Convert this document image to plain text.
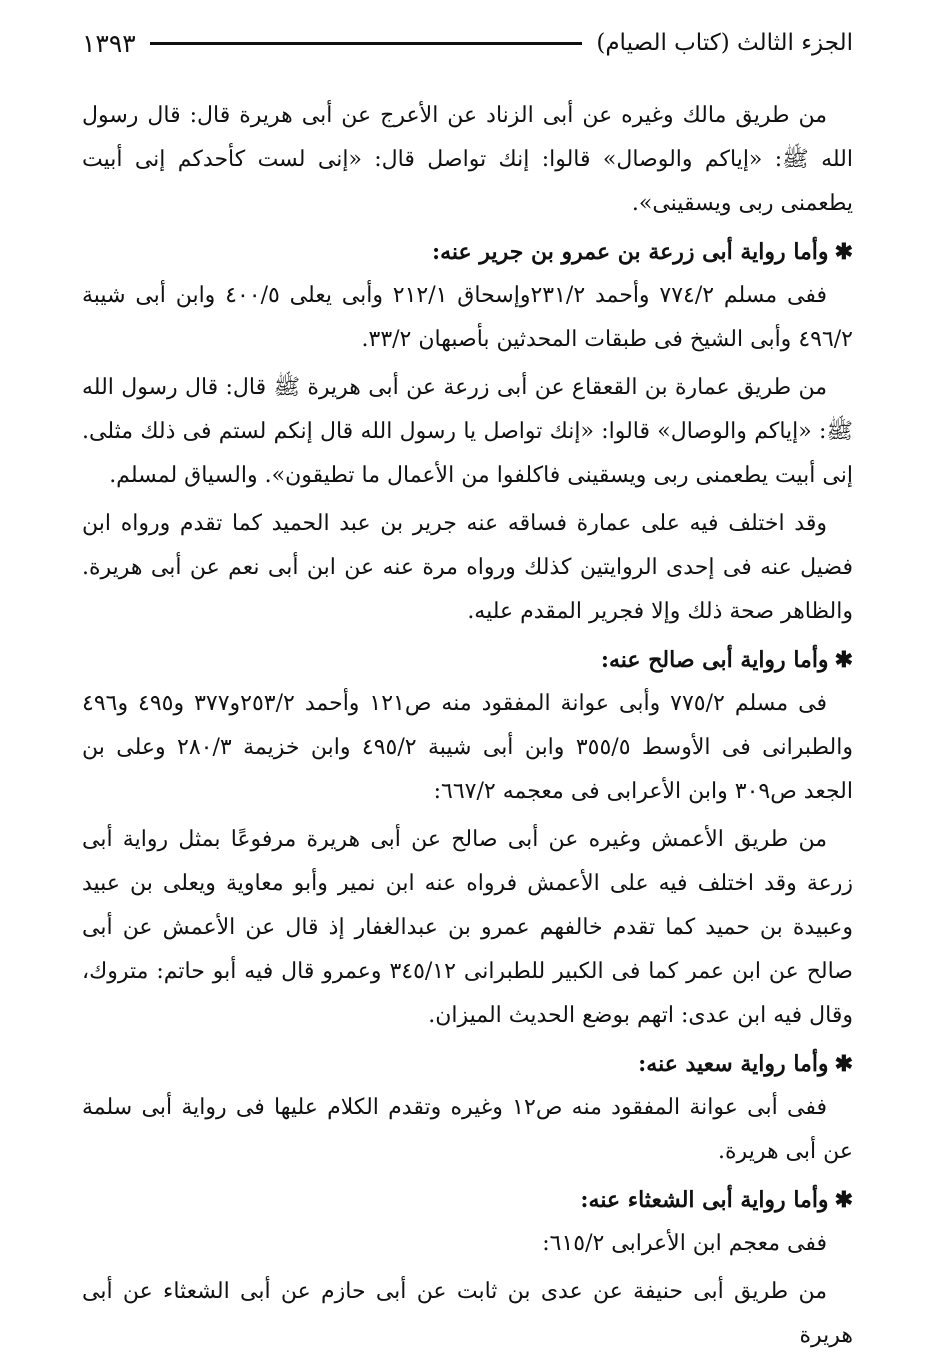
الجزء الثالث (كتاب الصيام)
١٣٩٣

من طريق مالك وغيره عن أبى الزناد عن الأعرج عن أبى هريرة قال: قال رسول الله ﷺ: «إياكم والوصال» قالوا: إنك تواصل قال: «إنى لست كأحدكم إنى أبيت يطعمنى ربى ويسقينى».

✱وأما رواية أبى زرعة بن عمرو بن جرير عنه:

ففى مسلم ٧٧٤/٢ وأحمد ٢٣١/٢وإسحاق ٢١٢/١ وأبى يعلى ٤٠٠/٥ وابن أبى شيبة ٤٩٦/٢ وأبى الشيخ فى طبقات المحدثين بأصبهان ٣٣/٢.

من طريق عمارة بن القعقاع عن أبى زرعة عن أبى هريرة ﷺ قال: قال رسول الله ﷺ: «إياكم والوصال» قالوا: «إنك تواصل يا رسول الله قال إنكم لستم فى ذلك مثلى. إنى أبيت يطعمنى ربى ويسقينى فاكلفوا من الأعمال ما تطيقون». والسياق لمسلم.

وقد اختلف فيه على عمارة فساقه عنه جرير بن عبد الحميد كما تقدم ورواه ابن فضيل عنه فى إحدى الروايتين كذلك ورواه مرة عنه عن ابن أبى نعم عن أبى هريرة. والظاهر صحة ذلك وإلا فجرير المقدم عليه.

✱وأما رواية أبى صالح عنه:

فى مسلم ٧٧٥/٢ وأبى عوانة المفقود منه ص١٢١ وأحمد ٢٥٣/٢و٣٧٧ و٤٩٥ و٤٩٦ والطبرانى فى الأوسط ٣٥٥/٥ وابن أبى شيبة ٤٩٥/٢ وابن خزيمة ٢٨٠/٣ وعلى بن الجعد ص٣٠٩ وابن الأعرابى فى معجمه ٦٦٧/٢:

من طريق الأعمش وغيره عن أبى صالح عن أبى هريرة مرفوعًا بمثل رواية أبى زرعة وقد اختلف فيه على الأعمش فرواه عنه ابن نمير وأبو معاوية ويعلى بن عبيد وعبيدة بن حميد كما تقدم خالفهم عمرو بن عبدالغفار إذ قال عن الأعمش عن أبى صالح عن ابن عمر كما فى الكبير للطبرانى ٣٤٥/١٢ وعمرو قال فيه أبو حاتم: متروك، وقال فيه ابن عدى: اتهم بوضع الحديث الميزان.

✱وأما رواية سعيد عنه:

ففى أبى عوانة المفقود منه ص١٢ وغيره وتقدم الكلام عليها فى رواية أبى سلمة عن أبى هريرة.

✱وأما رواية أبى الشعثاء عنه:

ففى معجم ابن الأعرابى ٦١٥/٢:

من طريق أبى حنيفة عن عدى بن ثابت عن أبى حازم عن أبى الشعثاء عن أبى هريرة
